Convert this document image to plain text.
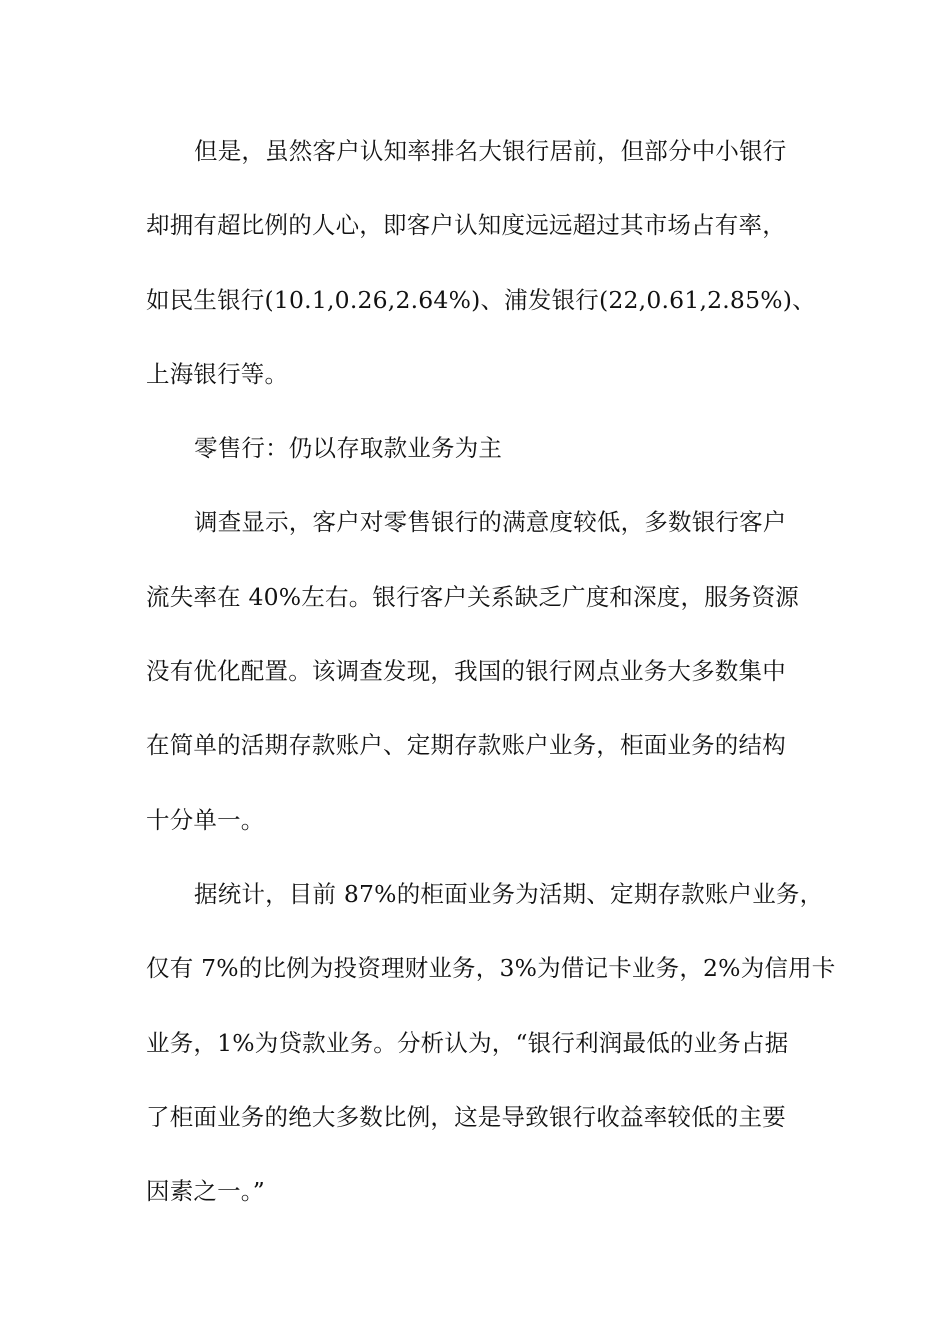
但是，虽然客户认知率排名大银行居前，但部分中小银行
却拥有超比例的人心，即客户认知度远远超过其市场占有率，
如民生银行(10.1,0.26,2.64%)、浦发银行(22,0.61,2.85%)、
上海银行等。
零售行：仍以存取款业务为主
调查显示，客户对零售银行的满意度较低，多数银行客户
流失率在 40%左右。银行客户关系缺乏广度和深度，服务资源
没有优化配置。该调查发现，我国的银行网点业务大多数集中
在简单的活期存款账户、定期存款账户业务，柜面业务的结构
十分单一。
据统计，目前 87%的柜面业务为活期、定期存款账户业务，
仅有 7%的比例为投资理财业务，3%为借记卡业务，2%为信用卡
业务，1%为贷款业务。分析认为，“银行利润最低的业务占据
了柜面业务的绝大多数比例，这是导致银行收益率较低的主要
因素之一。”
